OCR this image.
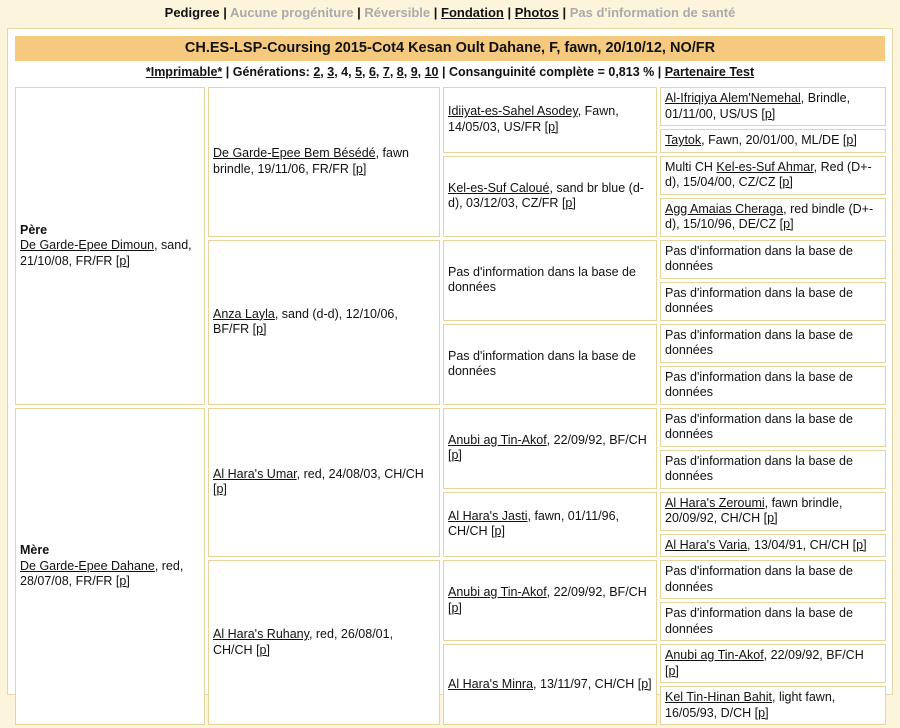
Pedigree | Aucune progéniture | Réversible | Fondation | Photos | Pas d'information de santé
CH.ES-LSP-Coursing 2015-Cot4 Kesan Oult Dahane, F, fawn, 20/10/12, NO/FR
*Imprimable* | Générations: 2, 3, 4, 5, 6, 7, 8, 9, 10 | Consanguinité complète = 0,813 % | Partenaire Test
Père
De Garde-Epee Dimoun, sand, 21/10/08, FR/FR [p]	De Garde-Epee Bem Bésédé, fawn brindle, 19/11/06, FR/FR [p]	Idiiyat-es-Sahel Asodey, Fawn, 14/05/03, US/FR [p]	Al-Ifriqiya Alem'Nemehal, Brindle, 01/11/00, US/US [p]
			Taytok, Fawn, 20/01/00, ML/DE [p]
		Kel-es-Suf Caloué, sand br blue (d-d), 03/12/03, CZ/FR [p]	Multi CH Kel-es-Suf Ahmar, Red (D+-d), 15/04/00, CZ/CZ [p]
			Agg Amaias Cheraga, red bindle (D+-d), 15/10/96, DE/CZ [p]
	Anza Layla, sand (d-d), 12/10/06, BF/FR [p]	Pas d'information dans la base de données	Pas d'information dans la base de données
			Pas d'information dans la base de données
		Pas d'information dans la base de données	Pas d'information dans la base de données
			Pas d'information dans la base de données
Mère
De Garde-Epee Dahane, red, 28/07/08, FR/FR [p]	Al Hara's Umar, red, 24/08/03, CH/CH [p]	Anubi ag Tin-Akof, 22/09/92, BF/CH [p]	Pas d'information dans la base de données
			Pas d'information dans la base de données
		Al Hara's Jasti, fawn, 01/11/96, CH/CH [p]	Al Hara's Zeroumi, fawn brindle, 20/09/92, CH/CH [p]
			Al Hara's Varia, 13/04/91, CH/CH [p]
	Al Hara's Ruhany, red, 26/08/01, CH/CH [p]	Anubi ag Tin-Akof, 22/09/92, BF/CH [p]	Pas d'information dans la base de données
			Pas d'information dans la base de données
		Al Hara's Minra, 13/11/97, CH/CH [p]	Anubi ag Tin-Akof, 22/09/92, BF/CH [p]
			Kel Tin-Hinan Bahit, light fawn, 16/05/93, D/CH [p]
